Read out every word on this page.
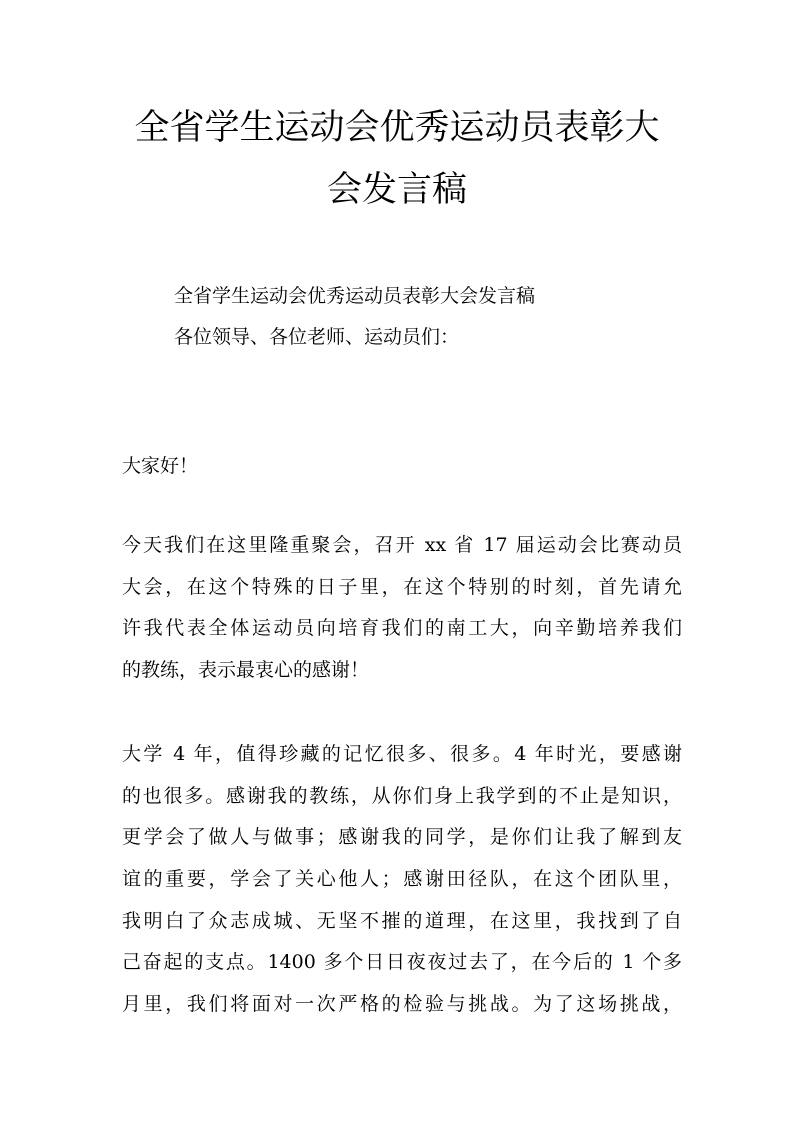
全省学生运动会优秀运动员表彰大
会发言稿

全省学生运动会优秀运动员表彰大会发言稿

各位领导、各位老师、运动员们：

大家好！

今天我们在这里隆重聚会，召开 xx 省 17 届运动会比赛动员
大会，在这个特殊的日子里，在这个特别的时刻，首先请允
许我代表全体运动员向培育我们的南工大，向辛勤培养我们
的教练，表示最衷心的感谢！
大学 4 年，值得珍藏的记忆很多、很多。4 年时光，要感谢
的也很多。感谢我的教练，从你们身上我学到的不止是知识，
更学会了做人与做事；感谢我的同学，是你们让我了解到友
谊的重要，学会了关心他人；感谢田径队，在这个团队里，
我明白了众志成城、无坚不摧的道理，在这里，我找到了自
己奋起的支点。1400 多个日日夜夜过去了，在今后的 1 个多
月里，我们将面对一次严格的检验与挑战。为了这场挑战，
